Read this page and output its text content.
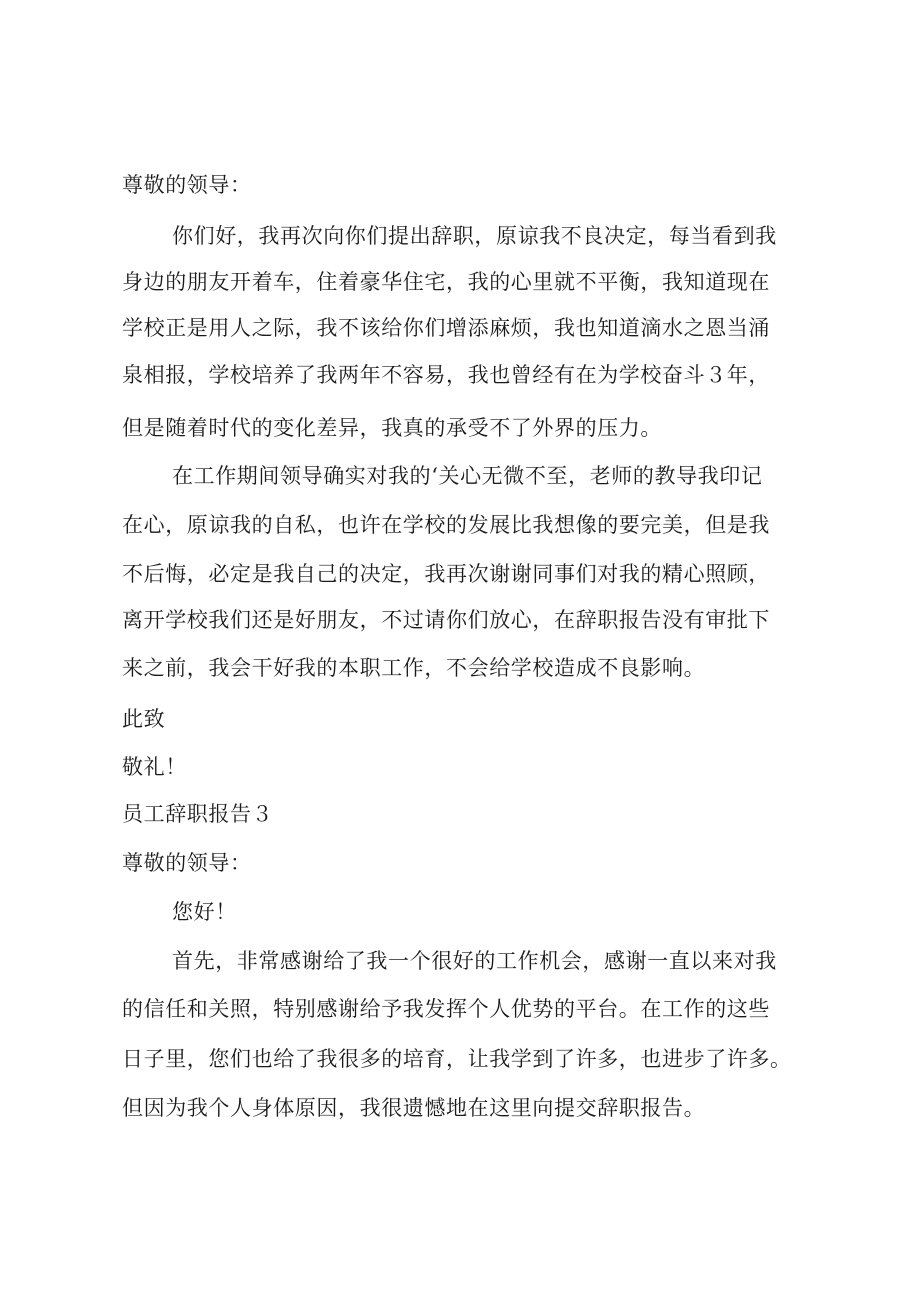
尊敬的领导：
你们好，我再次向你们提出辞职，原谅我不良决定，每当看到我
身边的朋友开着车，住着豪华住宅，我的心里就不平衡，我知道现在
学校正是用人之际，我不该给你们增添麻烦，我也知道滴水之恩当涌
泉相报，学校培养了我两年不容易，我也曾经有在为学校奋斗３年，
但是随着时代的变化差异，我真的承受不了外界的压力。
在工作期间领导确实对我的‘关心无微不至，老师的教导我印记
在心，原谅我的自私，也许在学校的发展比我想像的要完美，但是我
不后悔，必定是我自己的决定，我再次谢谢同事们对我的精心照顾，
离开学校我们还是好朋友，不过请你们放心，在辞职报告没有审批下
来之前，我会干好我的本职工作，不会给学校造成不良影响。
此致
敬礼！
员工辞职报告３
尊敬的领导：
您好！
首先，非常感谢给了我一个很好的工作机会，感谢一直以来对我
的信任和关照，特别感谢给予我发挥个人优势的平台。在工作的这些
日子里，您们也给了我很多的培育，让我学到了许多，也进步了许多。
但因为我个人身体原因，我很遗憾地在这里向提交辞职报告。
